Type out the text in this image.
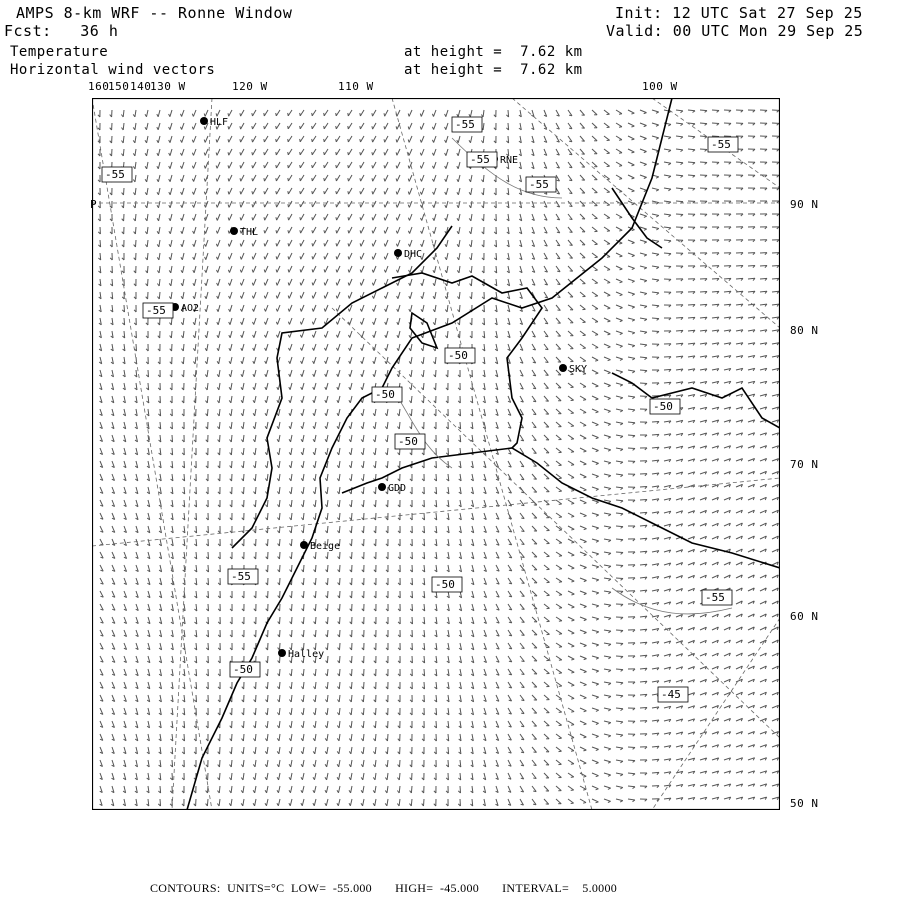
AMPS 8-km WRF -- Ronne Window	Init: 12 UTC Sat 27 Sep 25
Fcst:   36 h	Valid: 00 UTC Mon 29 Sep 25
Temperature
Horizontal wind vectors
at height =  7.62 km
at height =  7.62 km
HLF
RNE
THL
DHC
AO2
SKY
GDD
Beige
Halley
-55
-55
-55
-55
-55
-55
-50
-50
-50
-50
-50
-55
-50
-55
-45
160
150 140
130 W	120 W	110 W	100 W
90 N
80 N
70 N
60 N
50 N
P
CONTOURS:  UNITS=°C  LOW=  -55.000       HIGH=  -45.000       INTERVAL=    5.0000
